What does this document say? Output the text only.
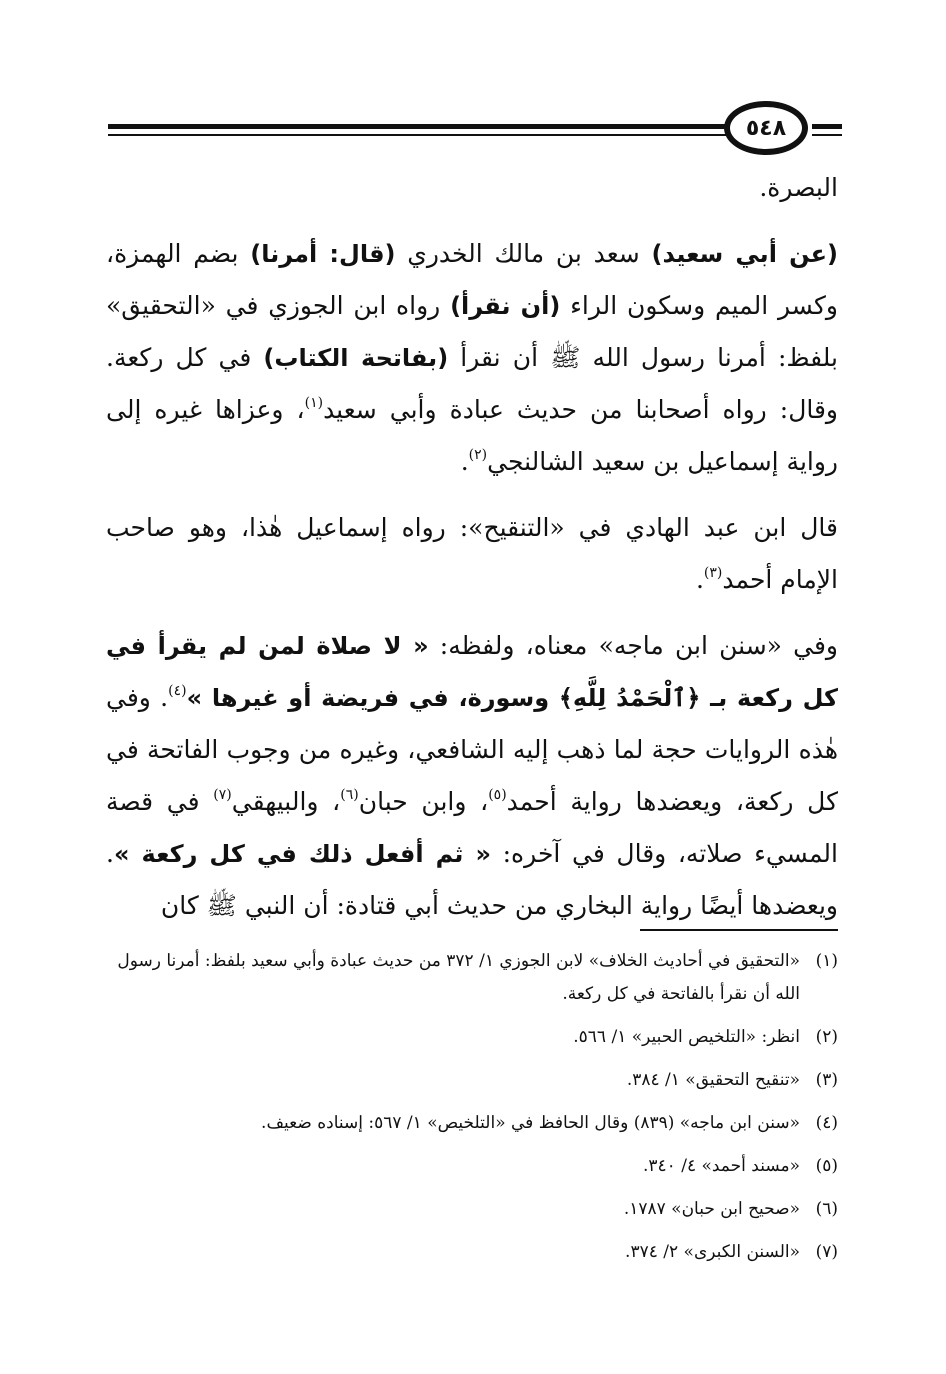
٥٤٨

البصرة.

(عن أبي سعيد) سعد بن مالك الخدري (قال: أمرنا) بضم الهمزة، وكسر الميم وسكون الراء (أن نقرأ) رواه ابن الجوزي في «التحقيق» بلفظ: أمرنا رسول الله ﷺ أن نقرأ (بفاتحة الكتاب) في كل ركعة. وقال: رواه أصحابنا من حديث عبادة وأبي سعيد$^{(١)}$، وعزاها غيره إلى رواية إسماعيل بن سعيد الشالنجي$^{(٢)}$.

قال ابن عبد الهادي في «التنقيح»: رواه إسماعيل هٰذا، وهو صاحب الإمام أحمد$^{(٣)}$.

وفي «سنن ابن ماجه» معناه، ولفظه: « لا صلاة لمن لم يقرأ في كل ركعة بـ ﴿ٱلْحَمْدُ لِلَّهِ﴾ وسورة، في فريضة أو غيرها »$^{(٤)}$. وفي هٰذه الروايات حجة لما ذهب إليه الشافعي، وغيره من وجوب الفاتحة في كل ركعة، ويعضدها رواية أحمد$^{(٥)}$، وابن حبان$^{(٦)}$، والبيهقي$^{(٧)}$ في قصة المسيء صلاته، وقال في آخره: « ثم أفعل ذلك في كل ركعة ». ويعضدها أيضًا رواية البخاري من حديث أبي قتادة: أن النبي ﷺ كان

(١)
«التحقيق في أحاديث الخلاف» لابن الجوزي ١/ ٣٧٢ من حديث عبادة وأبي سعيد بلفظ: أمرنا رسول الله أن نقرأ بالفاتحة في كل ركعة.
(٢)
انظر: «التلخيص الحبير» ١/ ٥٦٦.
(٣)
«تنقيح التحقيق» ١/ ٣٨٤.
(٤)
«سنن ابن ماجه» (٨٣٩) وقال الحافظ في «التلخيص» ١/ ٥٦٧: إسناده ضعيف.
(٥)
«مسند أحمد» ٤/ ٣٤٠.
(٦)
«صحيح ابن حبان» ١٧٨٧.
(٧)
«السنن الكبرى» ٢/ ٣٧٤.
